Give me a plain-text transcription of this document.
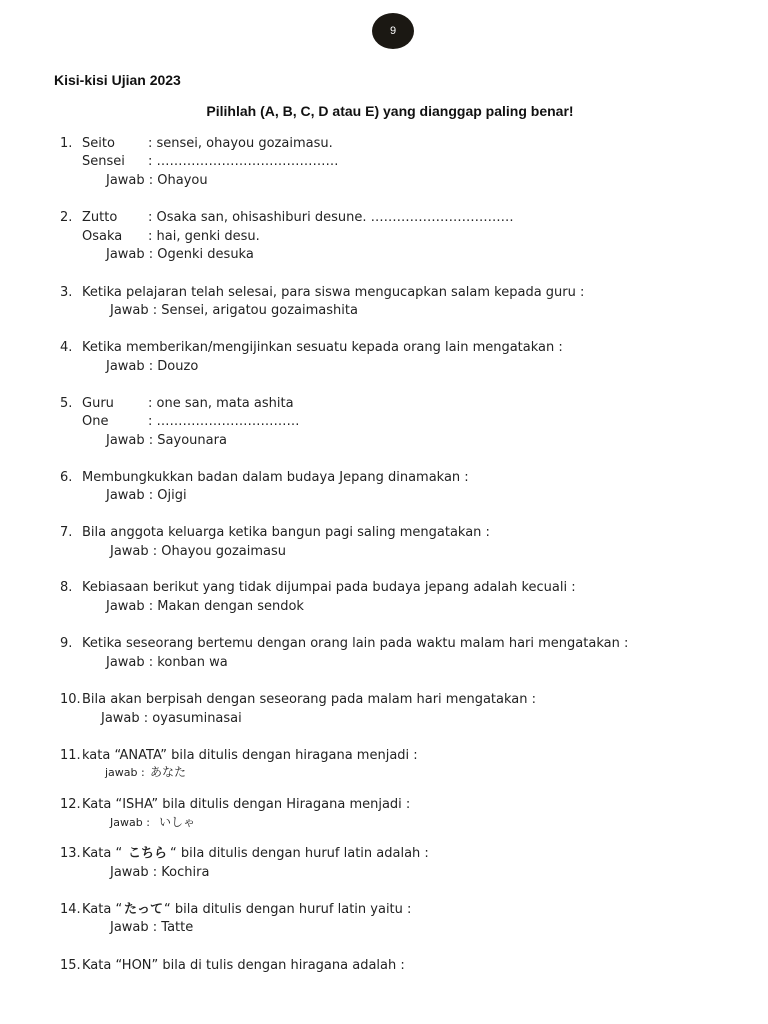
9
Kisi-kisi Ujian 2023
Pilihlah (A, B, C, D atau E) yang dianggap paling benar!
1. Seito	: sensei, ohayou gozaimasu.
Sensei : ……………………………………
Jawab : Ohayou
2. Zutto : Osaka san, ohisashiburi desune. ……………………………
Osaka : hai, genki desu.
Jawab : Ogenki desuka
3. Ketika pelajaran telah selesai, para siswa mengucapkan salam kepada guru :
Jawab : Sensei, arigatou gozaimashita
4. Ketika memberikan/mengijinkan sesuatu kepada orang lain mengatakan :
Jawab : Douzo
5. Guru	: one san, mata ashita
One	: ……………………………
Jawab : Sayounara
6. Membungkukkan badan dalam budaya Jepang dinamakan :
Jawab : Ojigi
7. Bila anggota keluarga ketika bangun pagi saling mengatakan :
Jawab : Ohayou gozaimasu
8. Kebiasaan berikut yang tidak dijumpai pada budaya jepang adalah kecuali :
Jawab : Makan dengan sendok
9. Ketika seseorang bertemu dengan orang lain pada waktu malam hari mengatakan :
Jawab : konban wa
10. Bila akan berpisah dengan seseorang pada malam hari mengatakan :
Jawab : oyasuminasai
11. kata “ANATA” bila ditulis dengan hiragana menjadi :
jawab : あなた
12. Kata “ISHA” bila ditulis dengan Hiragana menjadi :
Jawab : いしゃ
13. Kata “ こちら “ bila ditulis dengan huruf latin adalah :
Jawab : Kochira
14. Kata “ たって “ bila ditulis dengan huruf latin yaitu :
Jawab : Tatte
15. Kata “HON” bila di tulis dengan hiragana adalah :
